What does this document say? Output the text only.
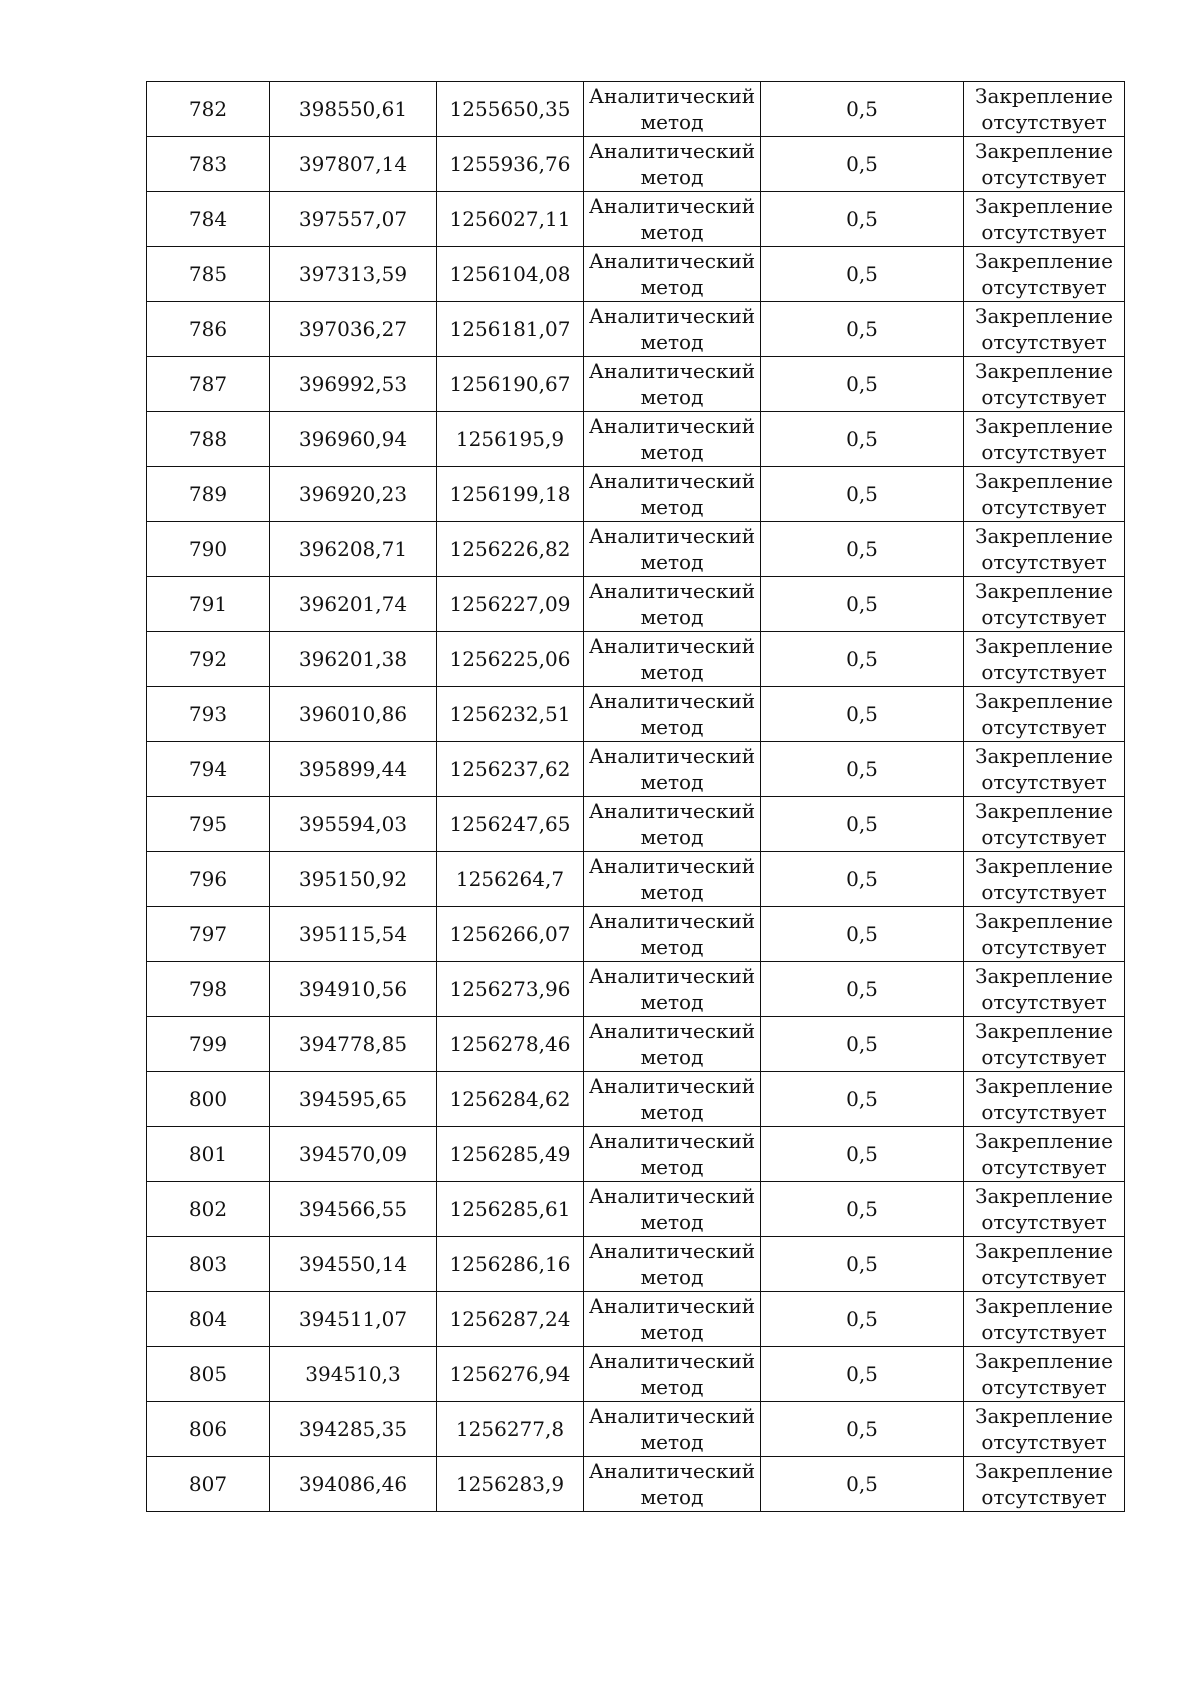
782	398550,61	1255650,35	Аналитический
метод	0,5	Закрепление
отсутствует

783	397807,14	1255936,76	Аналитический
метод	0,5	Закрепление
отсутствует

784	397557,07	1256027,11	Аналитический
метод	0,5	Закрепление
отсутствует

785	397313,59	1256104,08	Аналитический
метод	0,5	Закрепление
отсутствует

786	397036,27	1256181,07	Аналитический
метод	0,5	Закрепление
отсутствует

787	396992,53	1256190,67	Аналитический
метод	0,5	Закрепление
отсутствует

788	396960,94	1256195,9	Аналитический
метод	0,5	Закрепление
отсутствует

789	396920,23	1256199,18	Аналитический
метод	0,5	Закрепление
отсутствует

790	396208,71	1256226,82	Аналитический
метод	0,5	Закрепление
отсутствует

791	396201,74	1256227,09	Аналитический
метод	0,5	Закрепление
отсутствует

792	396201,38	1256225,06	Аналитический
метод	0,5	Закрепление
отсутствует

793	396010,86	1256232,51	Аналитический
метод	0,5	Закрепление
отсутствует

794	395899,44	1256237,62	Аналитический
метод	0,5	Закрепление
отсутствует

795	395594,03	1256247,65	Аналитический
метод	0,5	Закрепление
отсутствует

796	395150,92	1256264,7	Аналитический
метод	0,5	Закрепление
отсутствует

797	395115,54	1256266,07	Аналитический
метод	0,5	Закрепление
отсутствует

798	394910,56	1256273,96	Аналитический
метод	0,5	Закрепление
отсутствует

799	394778,85	1256278,46	Аналитический
метод	0,5	Закрепление
отсутствует

800	394595,65	1256284,62	Аналитический
метод	0,5	Закрепление
отсутствует

801	394570,09	1256285,49	Аналитический
метод	0,5	Закрепление
отсутствует

802	394566,55	1256285,61	Аналитический
метод	0,5	Закрепление
отсутствует

803	394550,14	1256286,16	Аналитический
метод	0,5	Закрепление
отсутствует

804	394511,07	1256287,24	Аналитический
метод	0,5	Закрепление
отсутствует

805	394510,3	1256276,94	Аналитический
метод	0,5	Закрепление
отсутствует

806	394285,35	1256277,8	Аналитический
метод	0,5	Закрепление
отсутствует

807	394086,46	1256283,9	Аналитический
метод	0,5	Закрепление
отсутствует
